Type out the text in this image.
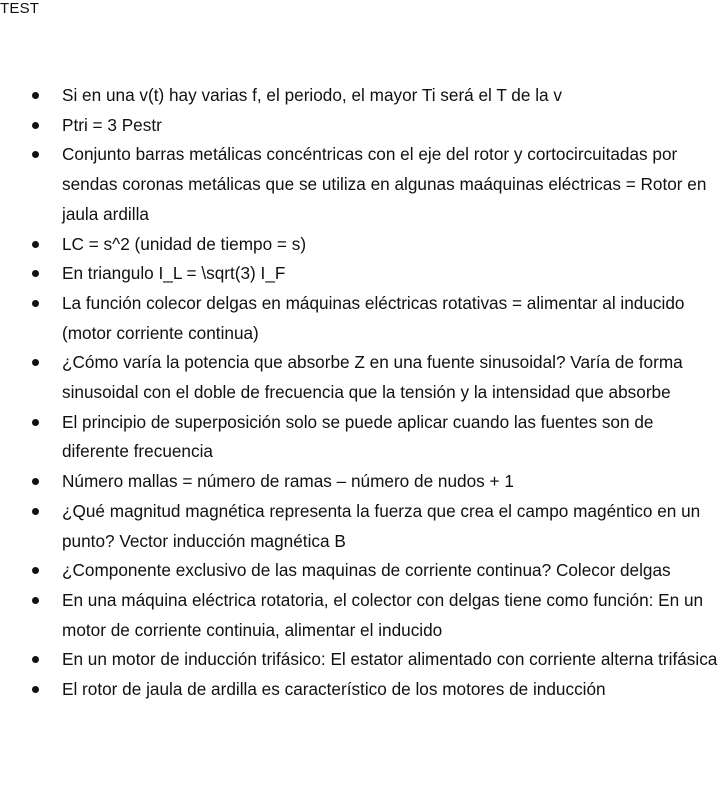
TEST
Si en una v(t) hay varias f, el periodo, el mayor Ti será el T de la v
Ptri = 3 Pestr
Conjunto barras metálicas concéntricas con el eje del rotor y cortocircuitadas por sendas coronas metálicas que se utiliza en algunas maáquinas eléctricas = Rotor en jaula ardilla
LC = s^2 (unidad de tiempo = s)
En triangulo I_L = \sqrt(3) I_F
La función colecor delgas en máquinas eléctricas rotativas = alimentar al inducido (motor corriente continua)
¿Cómo varía la potencia que absorbe Z en una fuente sinusoidal? Varía de forma sinusoidal con el doble de frecuencia que la tensión y la intensidad que absorbe
El principio de superposición solo se puede aplicar cuando las fuentes son de diferente frecuencia
Número mallas = número de ramas – número de nudos + 1
¿Qué magnitud magnética representa la fuerza que crea el campo magéntico en un punto? Vector inducción magnética B
¿Componente exclusivo de las maquinas de corriente continua? Colecor delgas
En una máquina eléctrica rotatoria, el colector con delgas tiene como función: En un motor de corriente continuia, alimentar el inducido
En un motor de inducción trifásico: El estator alimentado con corriente alterna trifásica
El rotor de jaula de ardilla es característico de los motores de inducción
